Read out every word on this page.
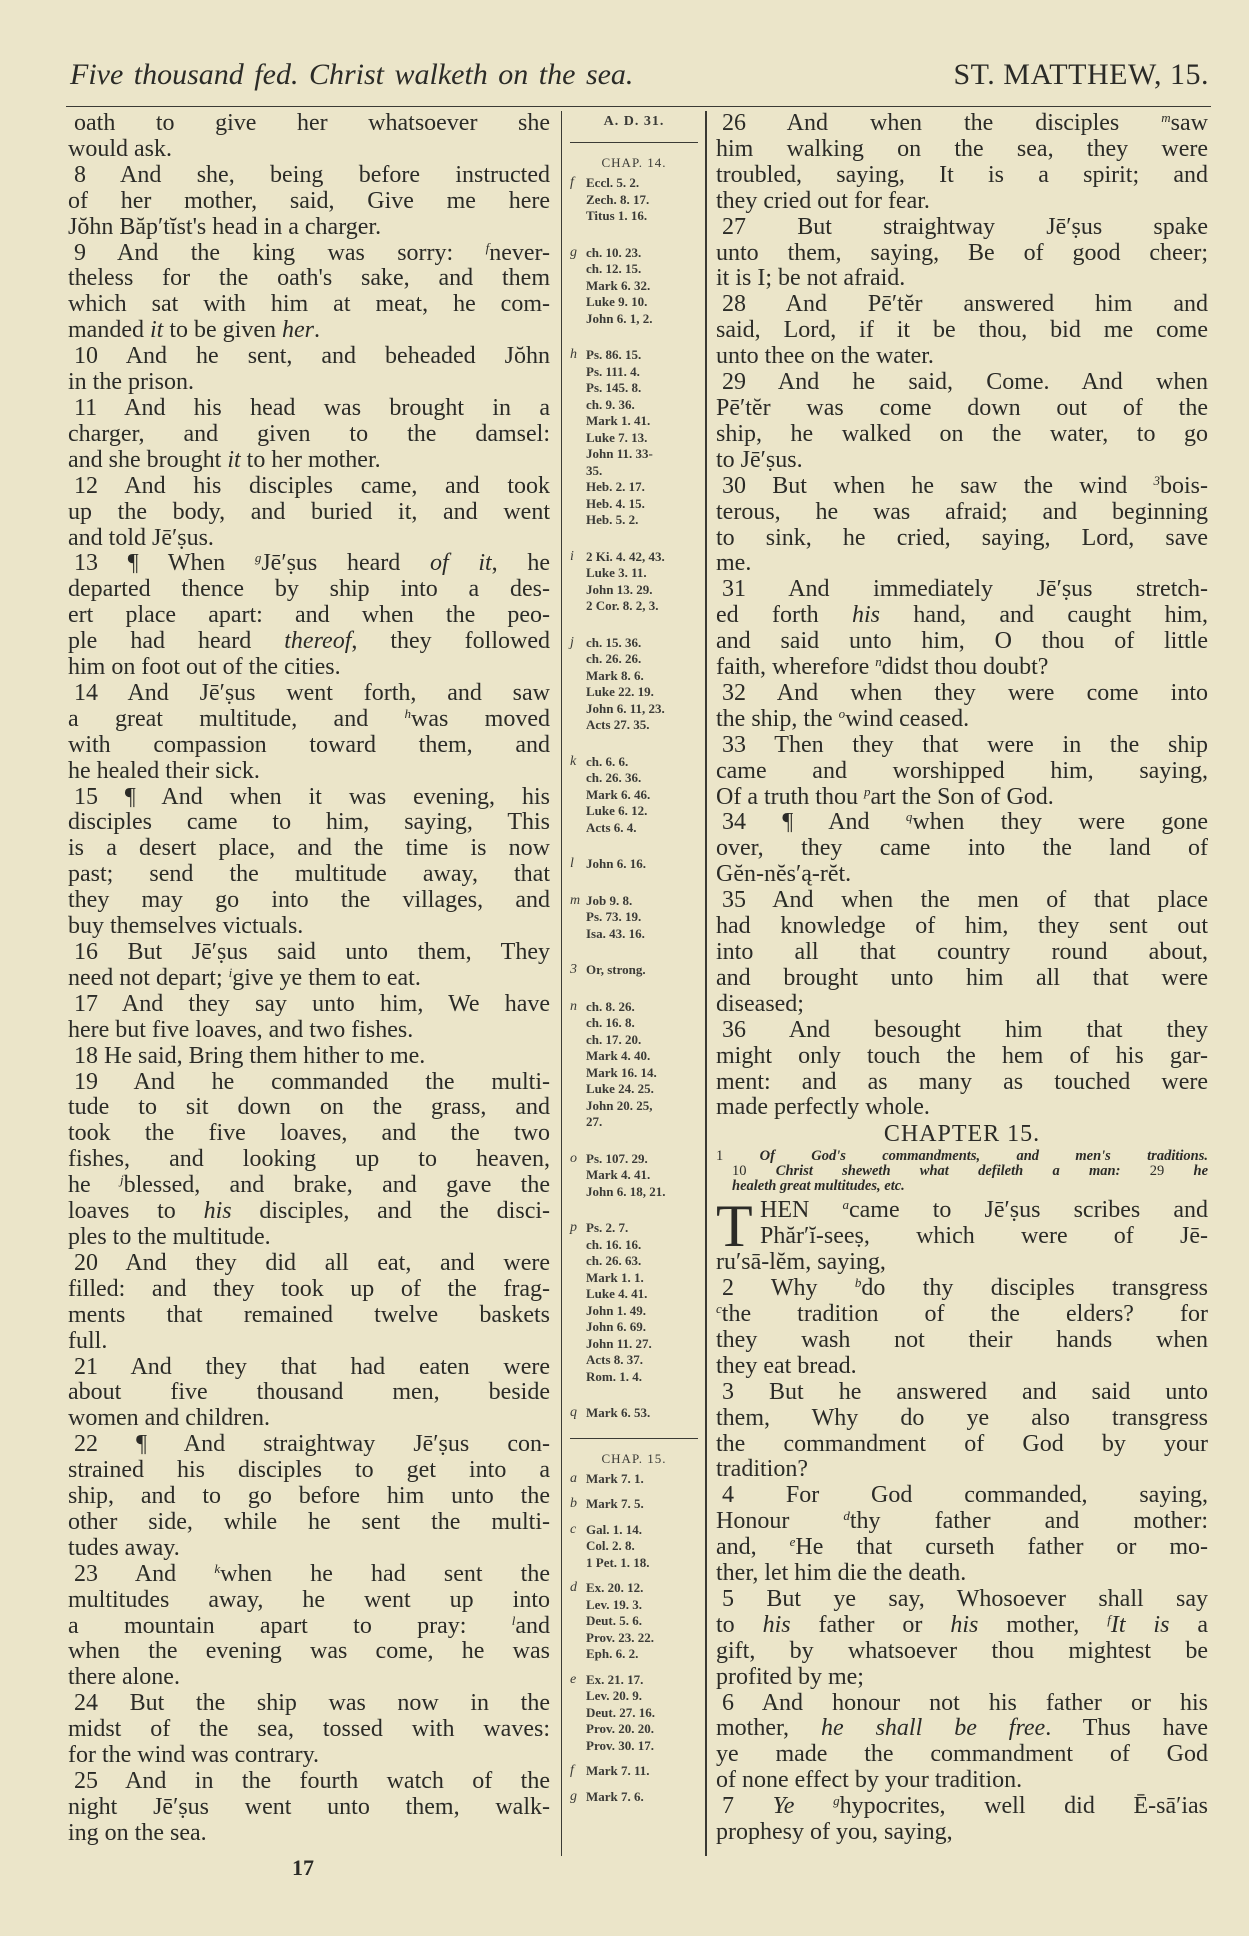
Five thousand fed. Christ walketh on the sea.	ST. MATTHEW, 15.
oath to give her whatsoever she
would ask.
8 And she, being before instructed
of her mother, said, Give me here
Jŏhn Băp′tĭst's head in a charger.
9 And the king was sorry: $^f$never-
theless for the oath's sake, and them
which sat with him at meat, he com-
manded it to be given her.
10 And he sent, and beheaded Jŏhn
in the prison.
11 And his head was brought in a
charger, and given to the damsel:
and she brought it to her mother.
12 And his disciples came, and took
up the body, and buried it, and went
and told Jē′ṣus.
13 ¶ When $^g$Jē′ṣus heard of it, he
departed thence by ship into a des-
ert place apart: and when the peo-
ple had heard thereof, they followed
him on foot out of the cities.
14 And Jē′ṣus went forth, and saw
a great multitude, and $^h$was moved
with compassion toward them, and
he healed their sick.
15 ¶ And when it was evening, his
disciples came to him, saying, This
is a desert place, and the time is now
past; send the multitude away, that
they may go into the villages, and
buy themselves victuals.
16 But Jē′ṣus said unto them, They
need not depart; $^i$give ye them to eat.
17 And they say unto him, We have
here but five loaves, and two fishes.
18 He said, Bring them hither to me.
19 And he commanded the multi-
tude to sit down on the grass, and
took the five loaves, and the two
fishes, and looking up to heaven,
he $^j$blessed, and brake, and gave the
loaves to his disciples, and the disci-
ples to the multitude.
20 And they did all eat, and were
filled: and they took up of the frag-
ments that remained twelve baskets
full.
21 And they that had eaten were
about five thousand men, beside
women and children.
22 ¶ And straightway Jē′ṣus con-
strained his disciples to get into a
ship, and to go before him unto the
other side, while he sent the multi-
tudes away.
23 And $^k$when he had sent the
multitudes away, he went up into
a mountain apart to pray: $^l$and
when the evening was come, he was
there alone.
24 But the ship was now in the
midst of the sea, tossed with waves:
for the wind was contrary.
25 And in the fourth watch of the
night Jē′ṣus went unto them, walk-
ing on the sea.
A. D. 31.
CHAP. 14.
f Eccl. 5. 2.
Zech. 8. 17.
Titus 1. 16.
g ch. 10. 23.
ch. 12. 15.
Mark 6. 32.
Luke 9. 10.
John 6. 1, 2.
h Ps. 86. 15.
Ps. 111. 4.
Ps. 145. 8.
ch. 9. 36.
Mark 1. 41.
Luke 7. 13.
John 11. 33-
35.
Heb. 2. 17.
Heb. 4. 15.
Heb. 5. 2.
i 2 Ki. 4. 42, 43.
Luke 3. 11.
John 13. 29.
2 Cor. 8. 2, 3.
j ch. 15. 36.
ch. 26. 26.
Mark 8. 6.
Luke 22. 19.
John 6. 11, 23.
Acts 27. 35.
k ch. 6. 6.
ch. 26. 36.
Mark 6. 46.
Luke 6. 12.
Acts 6. 4.
l John 6. 16.
m Job 9. 8.
Ps. 73. 19.
Isa. 43. 16.
3 Or, strong.
n ch. 8. 26.
ch. 16. 8.
ch. 17. 20.
Mark 4. 40.
Mark 16. 14.
Luke 24. 25.
John 20. 25,
27.
o Ps. 107. 29.
Mark 4. 41.
John 6. 18, 21.
p Ps. 2. 7.
ch. 16. 16.
ch. 26. 63.
Mark 1. 1.
Luke 4. 41.
John 1. 49.
John 6. 69.
John 11. 27.
Acts 8. 37.
Rom. 1. 4.
q Mark 6. 53.
CHAP. 15.
a Mark 7. 1.
b Mark 7. 5.
c Gal. 1. 14.
Col. 2. 8.
1 Pet. 1. 18.
d Ex. 20. 12.
Lev. 19. 3.
Deut. 5. 6.
Prov. 23. 22.
Eph. 6. 2.
e Ex. 21. 17.
Lev. 20. 9.
Deut. 27. 16.
Prov. 20. 20.
Prov. 30. 17.
f Mark 7. 11.
g Mark 7. 6.
26 And when the disciples $^m$saw
him walking on the sea, they were
troubled, saying, It is a spirit; and
they cried out for fear.
27 But straightway Jē′ṣus spake
unto them, saying, Be of good cheer;
it is I; be not afraid.
28 And Pē′tĕr answered him and
said, Lord, if it be thou, bid me come
unto thee on the water.
29 And he said, Come. And when
Pē′tĕr was come down out of the
ship, he walked on the water, to go
to Jē′ṣus.
30 But when he saw the wind $^3$bois-
terous, he was afraid; and beginning
to sink, he cried, saying, Lord, save
me.
31 And immediately Jē′ṣus stretch-
ed forth his hand, and caught him,
and said unto him, O thou of little
faith, wherefore $^n$didst thou doubt?
32 And when they were come into
the ship, the $^o$wind ceased.
33 Then they that were in the ship
came and worshipped him, saying,
Of a truth thou $^p$art the Son of God.
34 ¶ And $^q$when they were gone
over, they came into the land of
Gĕn-nĕs′ą-rĕt.
35 And when the men of that place
had knowledge of him, they sent out
into all that country round about,
and brought unto him all that were
diseased;
36 And besought him that they
might only touch the hem of his gar-
ment: and as many as touched were
made perfectly whole.
CHAPTER 15.
1	Of God's commandments, and men's traditions.
10 Christ sheweth what defileth a man: 29 he
healeth great multitudes, etc.
T HEN $^a$came to Jē′ṣus scribes and
Phăr′ĭ-seeṣ, which were of Jē-
ru′sā-lĕm, saying,
2 Why $^b$do thy disciples transgress
$^c$the tradition of the elders? for
they wash not their hands when
they eat bread.
3 But he answered and said unto
them, Why do ye also transgress
the commandment of God by your
tradition?
4 For God commanded, saying,
Honour $^d$thy father and mother:
and, $^e$He that curseth father or mo-
ther, let him die the death.
5 But ye say, Whosoever shall say
to his father or his mother, $^f$It is a
gift, by whatsoever thou mightest be
profited by me;
6 And honour not his father or his
mother, he shall be free. Thus have
ye made the commandment of God
of none effect by your tradition.
7 Ye	$^g$hypocrites, well did Ē-sā′ias
prophesy of you, saying,
17
